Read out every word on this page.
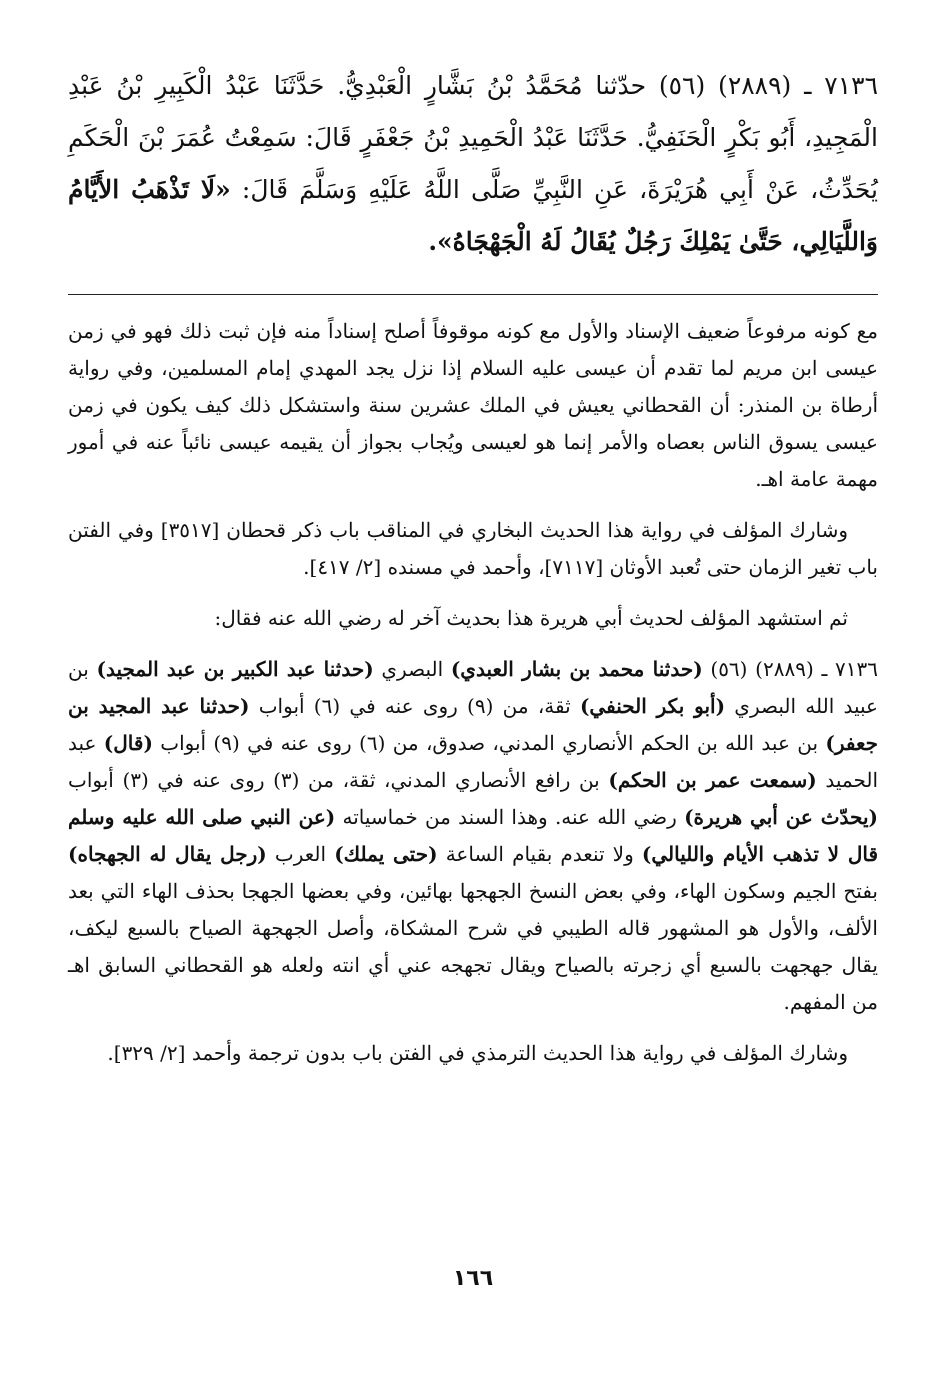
٧١٣٦ ـ (٢٨٨٩) (٥٦) حدّثنا مُحَمَّدُ بْنُ بَشَّارٍ الْعَبْدِيُّ. حَدَّثَنَا عَبْدُ الْكَبِيرِ بْنُ عَبْدِ الْمَجِيدِ، أَبُو بَكْرٍ الْحَنَفِيُّ. حَدَّثَنَا عَبْدُ الْحَمِيدِ بْنُ جَعْفَرٍ قَالَ: سَمِعْتُ عُمَرَ بْنَ الْحَكَمِ يُحَدِّثُ، عَنْ أَبِي هُرَيْرَةَ، عَنِ النَّبِيِّ صَلَّى اللَّهُ عَلَيْهِ وَسَلَّمَ قَالَ: «لَا تَذْهَبُ الأَيَّامُ وَاللَّيَالِي، حَتَّىٰ يَمْلِكَ رَجُلٌ يُقَالُ لَهُ الْجَهْجَاهُ».

مع كونه مرفوعاً ضعيف الإسناد والأول مع كونه موقوفاً أصلح إسناداً منه فإن ثبت ذلك فهو في زمن عيسى ابن مريم لما تقدم أن عيسى عليه السلام إذا نزل يجد المهدي إمام المسلمين، وفي رواية أرطاة بن المنذر: أن القحطاني يعيش في الملك عشرين سنة واستشكل ذلك كيف يكون في زمن عيسى يسوق الناس بعصاه والأمر إنما هو لعيسى ويُجاب بجواز أن يقيمه عيسى نائباً عنه في أمور مهمة عامة اهـ.

وشارك المؤلف في رواية هذا الحديث البخاري في المناقب باب ذكر قحطان [٣٥١٧] وفي الفتن باب تغير الزمان حتى تُعبد الأوثان [٧١١٧]، وأحمد في مسنده [٢/ ٤١٧].

ثم استشهد المؤلف لحديث أبي هريرة هذا بحديث آخر له رضي الله عنه فقال:

٧١٣٦ ـ (٢٨٨٩) (٥٦) (حدثنا محمد بن بشار العبدي) البصري (حدثنا عبد الكبير بن عبد المجيد) بن عبيد الله البصري (أبو بكر الحنفي) ثقة، من (٩) روى عنه في (٦) أبواب (حدثنا عبد المجيد بن جعفر) بن عبد الله بن الحكم الأنصاري المدني، صدوق، من (٦) روى عنه في (٩) أبواب (قال) عبد الحميد (سمعت عمر بن الحكم) بن رافع الأنصاري المدني، ثقة، من (٣) روى عنه في (٣) أبواب (يحدّث عن أبي هريرة) رضي الله عنه. وهذا السند من خماسياته (عن النبي صلى الله عليه وسلم قال لا تذهب الأيام والليالي) ولا تنعدم بقيام الساعة (حتى يملك) العرب (رجل يقال له الجهجاه) بفتح الجيم وسكون الهاء، وفي بعض النسخ الجهجها بهائين، وفي بعضها الجهجا بحذف الهاء التي بعد الألف، والأول هو المشهور قاله الطيبي في شرح المشكاة، وأصل الجهجهة الصياح بالسبع ليكف، يقال جهجهت بالسبع أي زجرته بالصياح ويقال تجهجه عني أي انته ولعله هو القحطاني السابق اهـ من المفهم.

وشارك المؤلف في رواية هذا الحديث الترمذي في الفتن باب بدون ترجمة وأحمد [٢/ ٣٢٩].

١٦٦
